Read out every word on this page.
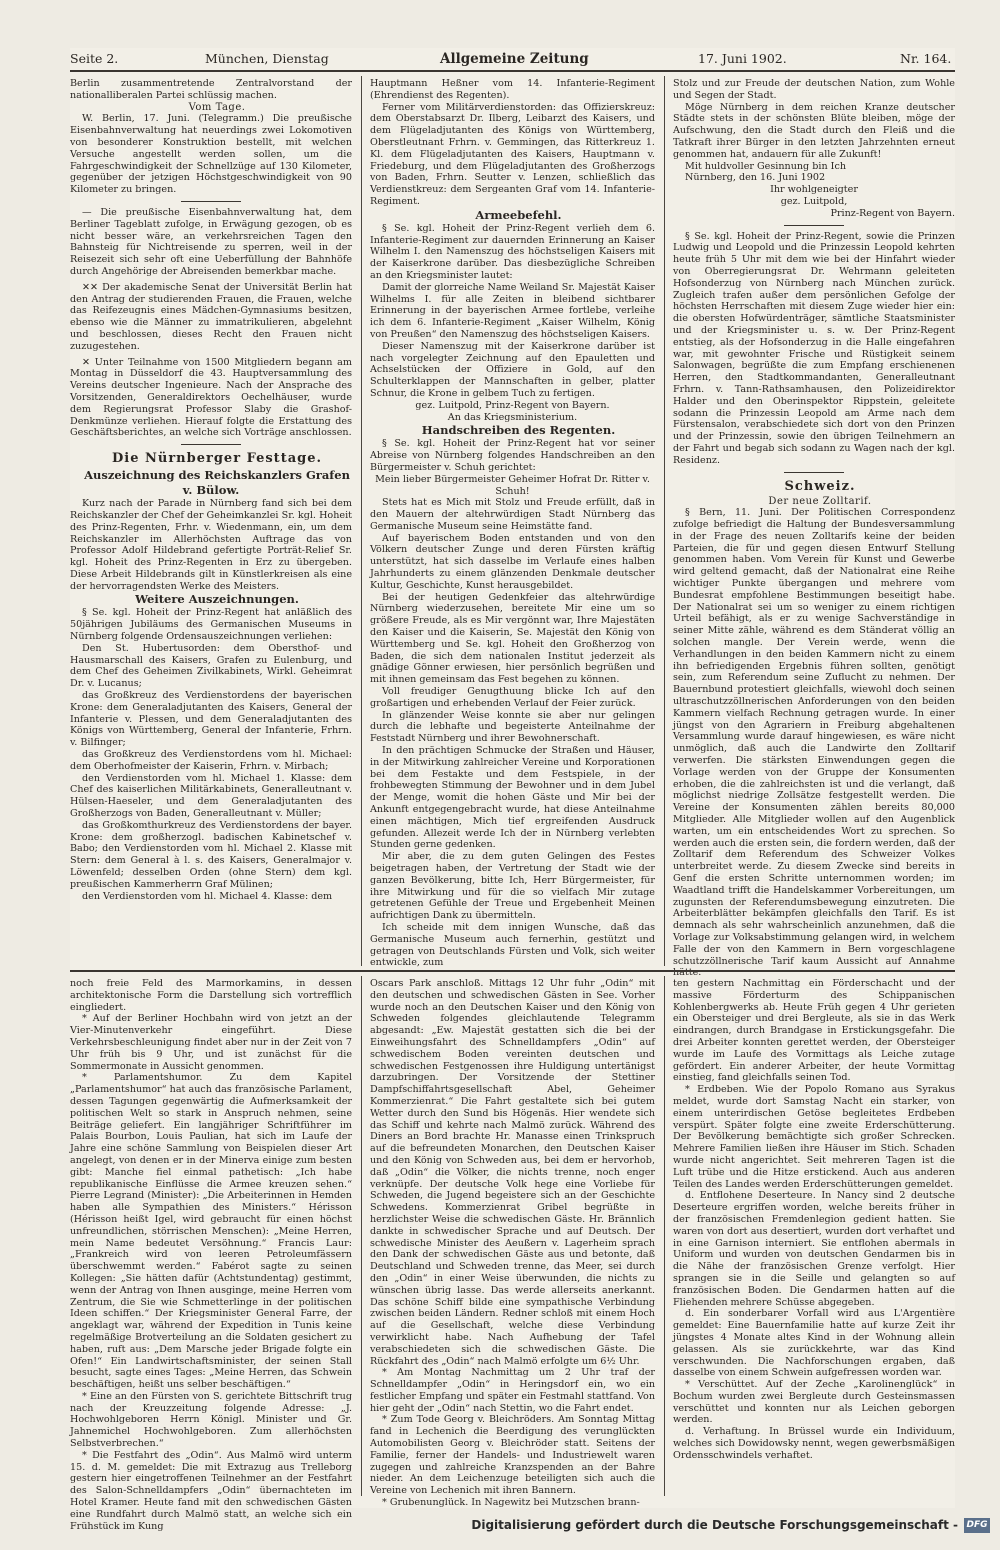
Seite 2.	München, Dienstag	Allgemeine Zeitung	17. Juni 1902.	Nr. 164.

Berlin zusammentretende Zentralvorstand der nationalliberalen Partei schlüssig machen.

Vom Tage.

W. Berlin, 17. Juni. (Telegramm.) Die preußische Eisenbahnverwaltung hat neuerdings zwei Lokomotiven von besonderer Konstruktion bestellt, mit welchen Versuche angestellt werden sollen, um die Fahrgeschwindigkeit der Schnellzüge auf 130 Kilometer, gegenüber der jetzigen Höchstgeschwindigkeit von 90 Kilometer zu bringen.

— Die preußische Eisenbahnverwaltung hat, dem Berliner Tageblatt zufolge, in Erwägung gezogen, ob es nicht besser wäre, an verkehrsreichen Tagen den Bahnsteig für Nichtreisende zu sperren, weil in der Reisezeit sich sehr oft eine Ueberfüllung der Bahnhöfe durch Angehörige der Abreisenden bemerkbar mache.

✕✕ Der akademische Senat der Universität Berlin hat den Antrag der studierenden Frauen, die Frauen, welche das Reifezeugnis eines Mädchen-Gymnasiums besitzen, ebenso wie die Männer zu immatrikulieren, abgelehnt und beschlossen, dieses Recht den Frauen nicht zuzugestehen.

✕ Unter Teilnahme von 1500 Mitgliedern begann am Montag in Düsseldorf die 43. Hauptversammlung des Vereins deutscher Ingenieure. Nach der Ansprache des Vorsitzenden, Generaldirektors Oechelhäuser, wurde dem Regierungsrat Professor Slaby die Grashof-Denkmünze verliehen. Hierauf folgte die Erstattung des Geschäftsberichtes, an welche sich Vorträge anschlossen.

Die Nürnberger Festtage.

Auszeichnung des Reichskanzlers Grafen v. Bülow.

Kurz nach der Parade in Nürnberg fand sich bei dem Reichskanzler der Chef der Geheimkanzlei Sr. kgl. Hoheit des Prinz-Regenten, Frhr. v. Wiedenmann, ein, um dem Reichskanzler im Allerhöchsten Auftrage das von Professor Adolf Hildebrand gefertigte Porträt-Relief Sr. kgl. Hoheit des Prinz-Regenten in Erz zu übergeben. Diese Arbeit Hildebrands gilt in Künstlerkreisen als eine der hervorragendsten Werke des Meisters.

Weitere Auszeichnungen.

§ Se. kgl. Hoheit der Prinz-Regent hat anläßlich des 50jährigen Jubiläums des Germanischen Museums in Nürnberg folgende Ordensauszeichnungen verliehen:

Den St. Hubertusorden: dem Obersthof- und Hausmarschall des Kaisers, Grafen zu Eulenburg, und dem Chef des Geheimen Zivilkabinets, Wirkl. Geheimrat Dr. v. Lucanus;

das Großkreuz des Verdienstordens der bayerischen Krone: dem Generaladjutanten des Kaisers, General der Infanterie v. Plessen, und dem Generaladjutanten des Königs von Württemberg, General der Infanterie, Frhrn. v. Bilfinger;

das Großkreuz des Verdienstordens vom hl. Michael: dem Oberhofmeister der Kaiserin, Frhrn. v. Mirbach;

den Verdienstorden vom hl. Michael 1. Klasse: dem Chef des kaiserlichen Militärkabinets, Generalleutnant v. Hülsen-Haeseler, und dem Generaladjutanten des Großherzogs von Baden, Generalleutnant v. Müller;

das Großkomthurkreuz des Verdienstordens der bayer. Krone: dem großherzogl. badischen Kabinetschef v. Babo; den Verdienstorden vom hl. Michael 2. Klasse mit Stern: dem General à l. s. des Kaisers, Generalmajor v. Löwenfeld; desselben Orden (ohne Stern) dem kgl. preußischen Kammerherrn Graf Mülinen;

den Verdienstorden vom hl. Michael 4. Klasse: dem

Hauptmann Heßner vom 14. Infanterie-Regiment (Ehrendienst des Regenten).

Ferner vom Militärverdienstorden: das Offizierskreuz: dem Oberstabsarzt Dr. Ilberg, Leibarzt des Kaisers, und dem Flügeladjutanten des Königs von Württemberg, Oberstleutnant Frhrn. v. Gemmingen, das Ritterkreuz 1. Kl. dem Flügeladjutanten des Kaisers, Hauptmann v. Friedeburg, und dem Flügeladjutanten des Großherzogs von Baden, Frhrn. Seutter v. Lenzen, schließlich das Verdienstkreuz: dem Sergeanten Graf vom 14. Infanterie-Regiment.

Armeebefehl.

§ Se. kgl. Hoheit der Prinz-Regent verlieh dem 6. Infanterie-Regiment zur dauernden Erinnerung an Kaiser Wilhelm I. den Namenszug des höchstseligen Kaisers mit der Kaiserkrone darüber. Das diesbezügliche Schreiben an den Kriegsminister lautet:

Damit der glorreiche Name Weiland Sr. Majestät Kaiser Wilhelms I. für alle Zeiten in bleibend sichtbarer Erinnerung in der bayerischen Armee fortlebe, verleihe ich dem 6. Infanterie-Regiment „Kaiser Wilhelm, König von Preußen“ den Namenszug des höchstseligen Kaisers.

Dieser Namenszug mit der Kaiserkrone darüber ist nach vorgelegter Zeichnung auf den Epauletten und Achselstücken der Offiziere in Gold, auf den Schulterklappen der Mannschaften in gelber, platter Schnur, die Krone in gelbem Tuch zu fertigen.

gez. Luitpold, Prinz-Regent von Bayern.

An das Kriegsministerium.

Handschreiben des Regenten.

§ Se. kgl. Hoheit der Prinz-Regent hat vor seiner Abreise von Nürnberg folgendes Handschreiben an den Bürgermeister v. Schuh gerichtet:

Mein lieber Bürgermeister Geheimer Hofrat Dr. Ritter v. Schuh!

Stets hat es Mich mit Stolz und Freude erfüllt, daß in den Mauern der altehrwürdigen Stadt Nürnberg das Germanische Museum seine Heimstätte fand.

Auf bayerischem Boden entstanden und von den Völkern deutscher Zunge und deren Fürsten kräftig unterstützt, hat sich dasselbe im Verlaufe eines halben Jahrhunderts zu einem glänzenden Denkmale deutscher Kultur, Geschichte, Kunst herausgebildet.

Bei der heutigen Gedenkfeier das altehrwürdige Nürnberg wiederzusehen, bereitete Mir eine um so größere Freude, als es Mir vergönnt war, Ihre Majestäten den Kaiser und die Kaiserin, Se. Majestät den König von Württemberg und Se. kgl. Hoheit den Großherzog von Baden, die sich dem nationalen Institut jederzeit als gnädige Gönner erwiesen, hier persönlich begrüßen und mit ihnen gemeinsam das Fest begehen zu können.

Voll freudiger Genugthuung blicke Ich auf den großartigen und erhebenden Verlauf der Feier zurück.

In glänzender Weise konnte sie aber nur gelingen durch die lebhafte und begeisterte Anteilnahme der Feststadt Nürnberg und ihrer Bewohnerschaft.

In den prächtigen Schmucke der Straßen und Häuser, in der Mitwirkung zahlreicher Vereine und Korporationen bei dem Festakte und dem Festspiele, in der frohbewegten Stimmung der Bewohner und in dem Jubel der Menge, womit die hohen Gäste und Mir bei der Ankunft entgegengebracht wurde, hat diese Anteilnahme einen mächtigen, Mich tief ergreifenden Ausdruck gefunden. Allezeit werde Ich der in Nürnberg verlebten Stunden gerne gedenken.

Mir aber, die zu dem guten Gelingen des Festes beigetragen haben, der Vertretung der Stadt wie der ganzen Bevölkerung, bitte Ich, Herr Bürgermeister, für ihre Mitwirkung und für die so vielfach Mir zutage getretenen Gefühle der Treue und Ergebenheit Meinen aufrichtigen Dank zu übermitteln.

Ich scheide mit dem innigen Wunsche, daß das Germanische Museum auch fernerhin, gestützt und getragen von Deutschlands Fürsten und Volk, sich weiter entwickle, zum

Stolz und zur Freude der deutschen Nation, zum Wohle und Segen der Stadt.

Möge Nürnberg in dem reichen Kranze deutscher Städte stets in der schönsten Blüte bleiben, möge der Aufschwung, den die Stadt durch den Fleiß und die Tatkraft ihrer Bürger in den letzten Jahrzehnten erneut genommen hat, andauern für alle Zukunft!

Mit huldvoller Gesinnung bin Ich

Nürnberg, den 16. Juni 1902

Ihr wohlgeneigter

gez. Luitpold,

Prinz-Regent von Bayern.

§ Se. kgl. Hoheit der Prinz-Regent, sowie die Prinzen Ludwig und Leopold und die Prinzessin Leopold kehrten heute früh 5 Uhr mit dem wie bei der Hinfahrt wieder von Oberregierungsrat Dr. Wehrmann geleiteten Hofsonderzug von Nürnberg nach München zurück. Zugleich trafen außer dem persönlichen Gefolge der höchsten Herrschaften mit diesem Zuge wieder hier ein: die obersten Hofwürdenträger, sämtliche Staatsminister und der Kriegsminister u. s. w. Der Prinz-Regent entstieg, als der Hofsonderzug in die Halle eingefahren war, mit gewohnter Frische und Rüstigkeit seinem Salonwagen, begrüßte die zum Empfang erschienenen Herren, den Stadtkommandanten, Generalleutnant Frhrn. v. Tann-Rathsamhausen, den Polizeidirektor Halder und den Oberinspektor Rippstein, geleitete sodann die Prinzessin Leopold am Arme nach dem Fürstensalon, verabschiedete sich dort von den Prinzen und der Prinzessin, sowie den übrigen Teilnehmern an der Fahrt und begab sich sodann zu Wagen nach der kgl. Residenz.

Schweiz.

Der neue Zolltarif.

§ Bern, 11. Juni. Der Politischen Correspondenz zufolge befriedigt die Haltung der Bundesversammlung in der Frage des neuen Zolltarifs keine der beiden Parteien, die für und gegen diesen Entwurf Stellung genommen haben. Vom Verein für Kunst und Gewerbe wird geltend gemacht, daß der Nationalrat eine Reihe wichtiger Punkte übergangen und mehrere vom Bundesrat empfohlene Bestimmungen beseitigt habe. Der Nationalrat sei um so weniger zu einem richtigen Urteil befähigt, als er zu wenige Sachverständige in seiner Mitte zähle, während es dem Ständerat völlig an solchen mangle. Der Verein werde, wenn die Verhandlungen in den beiden Kammern nicht zu einem ihn befriedigenden Ergebnis führen sollten, genötigt sein, zum Referendum seine Zuflucht zu nehmen. Der Bauernbund protestiert gleichfalls, wiewohl doch seinen ultraschutzzöllnerischen Anforderungen von den beiden Kammern vielfach Rechnung getragen wurde. In einer jüngst von den Agrariern in Freiburg abgehaltenen Versammlung wurde darauf hingewiesen, es wäre nicht unmöglich, daß auch die Landwirte den Zolltarif verwerfen. Die stärksten Einwendungen gegen die Vorlage werden von der Gruppe der Konsumenten erhoben, die die zahlreichsten ist und die verlangt, daß möglichst niedrige Zollsätze festgestellt werden. Die Vereine der Konsumenten zählen bereits 80,000 Mitglieder. Alle Mitglieder wollen auf den Augenblick warten, um ein entscheidendes Wort zu sprechen. So werden auch die ersten sein, die fordern werden, daß der Zolltarif dem Referendum des Schweizer Volkes unterbreitet werde. Zu diesem Zwecke sind bereits in Genf die ersten Schritte unternommen worden; im Waadtland trifft die Handelskammer Vorbereitungen, um zugunsten der Referendumsbewegung einzutreten. Die Arbeiterblätter bekämpfen gleichfalls den Tarif. Es ist demnach als sehr wahrscheinlich anzunehmen, daß die Vorlage zur Volksabstimmung gelangen wird, in welchem Falle der von den Kammern in Bern vorgeschlagene schutzzöllnerische Tarif kaum Aussicht auf Annahme hätte.

noch freie Feld des Marmorkamins, in dessen architektonische Form die Darstellung sich vortrefflich eingliedert.

* Auf der Berliner Hochbahn wird von jetzt an der Vier-Minutenverkehr eingeführt. Diese Verkehrsbeschleunigung findet aber nur in der Zeit von 7 Uhr früh bis 9 Uhr, und ist zunächst für die Sommermonate in Aussicht genommen.

* Parlamentshumor. Zu dem Kapitel „Parlamentshumor“ hat auch das französische Parlament, dessen Tagungen gegenwärtig die Aufmerksamkeit der politischen Welt so stark in Anspruch nehmen, seine Beiträge geliefert. Ein langjähriger Schriftführer im Palais Bourbon, Louis Paulian, hat sich im Laufe der Jahre eine schöne Sammlung von Beispielen dieser Art angelegt, von denen er in der Minerva einige zum besten gibt: Manche fiel einmal pathetisch: „Ich habe republikanische Einflüsse die Armee kreuzen sehen.“ Pierre Legrand (Minister): „Die Arbeiterinnen in Hemden haben alle Sympathien des Ministers.“ Hérisson (Hérisson heißt Igel, wird gebraucht für einen höchst unfreundlichen, störrischen Menschen): „Meine Herren, mein Name bedeutet Versöhnung.“ Francis Laur: „Frankreich wird von leeren Petroleumfässern überschwemmt werden.“ Fabérot sagte zu seinen Kollegen: „Sie hätten dafür (Achtstundentag) gestimmt, wenn der Antrag von Ihnen ausginge, meine Herren vom Zentrum, die Sie wie Schmetterlinge in der politischen Ideen schiffen.“ Der Kriegsminister General Farre, der angeklagt war, während der Expedition in Tunis keine regelmäßige Brotverteilung an die Soldaten gesichert zu haben, ruft aus: „Dem Marsche jeder Brigade folgte ein Ofen!“ Ein Landwirtschaftsminister, der seinen Stall besucht, sagte eines Tages: „Meine Herren, das Schwein beschäftigen, heißt uns selber beschäftigen.“

* Eine an den Fürsten von S. gerichtete Bittschrift trug nach der Kreuzzeitung folgende Adresse: „J. Hochwohlgeboren Herrn Königl. Minister und Gr. Jahnemichel Hochwohlgeboren. Zum allerhöchsten Selbstverbrechen.“

* Die Festfahrt des „Odin“. Aus Malmö wird unterm 15. d. M. gemeldet: Die mit Extrazug aus Trelleborg gestern hier eingetroffenen Teilnehmer an der Festfahrt des Salon-Schnelldampfers „Odin“ übernachteten im Hotel Kramer. Heute fand mit den schwedischen Gästen eine Rundfahrt durch Malmö statt, an welche sich ein Frühstück im Kung

Oscars Park anschloß. Mittags 12 Uhr fuhr „Odin“ mit den deutschen und schwedischen Gästen in See. Vorher wurde noch an den Deutschen Kaiser und den König von Schweden folgendes gleichlautende Telegramm abgesandt: „Ew. Majestät gestatten sich die bei der Einweihungsfahrt des Schnelldampfers „Odin“ auf schwedischem Boden vereinten deutschen und schwedischen Festgenossen ihre Huldigung untertänigst darzubringen. Der Vorsitzende der Stettiner Dampfschiffahrtsgesellschaft Abel, Geheimer Kommerzienrat.“ Die Fahrt gestaltete sich bei gutem Wetter durch den Sund bis Högenäs. Hier wendete sich das Schiff und kehrte nach Malmö zurück. Während des Diners an Bord brachte Hr. Manasse einen Trinkspruch auf die befreundeten Monarchen, den Deutschen Kaiser und den König von Schweden aus, bei dem er hervorhob, daß „Odin“ die Völker, die nichts trenne, noch enger verknüpfe. Der deutsche Volk hege eine Vorliebe für Schweden, die Jugend begeistere sich an der Geschichte Schwedens. Kommerzienrat Gribel begrüßte in herzlichster Weise die schwedischen Gäste. Hr. Brännlich dankte in schwedischer Sprache und auf Deutsch. Der schwedische Minister des Aeußern v. Lagerheim sprach den Dank der schwedischen Gäste aus und betonte, daß Deutschland und Schweden trenne, das Meer, sei durch den „Odin“ in einer Weise überwunden, die nichts zu wünschen übrig lasse. Das werde allerseits anerkannt. Das schöne Schiff bilde eine sympathische Verbindung zwischen beiden Ländern. Redner schloß mit einem Hoch auf die Gesellschaft, welche diese Verbindung verwirklicht habe. Nach Aufhebung der Tafel verabschiedeten sich die schwedischen Gäste. Die Rückfahrt des „Odin“ nach Malmö erfolgte um 6½ Uhr.

* Am Montag Nachmittag um 2 Uhr traf der Schnelldampfer „Odin“ in Heringsdorf ein, wo ein festlicher Empfang und später ein Festmahl stattfand. Von hier geht der „Odin“ nach Stettin, wo die Fahrt endet.

* Zum Tode Georg v. Bleichröders. Am Sonntag Mittag fand in Lechenich die Beerdigung des verunglückten Automobilisten Georg v. Bleichröder statt. Seitens der Familie, ferner der Handels- und Industriewelt waren zugegen und zahlreiche Kranzspenden an der Bahre nieder. An dem Leichenzuge beteiligten sich auch die Vereine von Lechenich mit ihren Bannern.

* Grubenunglück. In Nagewitz bei Mutzschen brann-

ten gestern Nachmittag ein Förderschacht und der massive Förderturm des Schippanischen Kohlenbergwerks ab. Heute Früh gegen 4 Uhr gerieten ein Obersteiger und drei Bergleute, als sie in das Werk eindrangen, durch Brandgase in Erstickungsgefahr. Die drei Arbeiter konnten gerettet werden, der Obersteiger wurde im Laufe des Vormittags als Leiche zutage gefördert. Ein anderer Arbeiter, der heute Vormittag einstieg, fand gleichfalls seinen Tod.

* Erdbeben. Wie der Popolo Romano aus Syrakus meldet, wurde dort Samstag Nacht ein starker, von einem unterirdischen Getöse begleitetes Erdbeben verspürt. Später folgte eine zweite Erderschütterung. Der Bevölkerung bemächtigte sich großer Schrecken. Mehrere Familien ließen ihre Häuser im Stich. Schaden wurde nicht angerichtet. Seit mehreren Tagen ist die Luft trübe und die Hitze erstickend. Auch aus anderen Teilen des Landes werden Erderschütterungen gemeldet.

d. Entflohene Deserteure. In Nancy sind 2 deutsche Deserteure ergriffen worden, welche bereits früher in der französischen Fremdenlegion gedient hatten. Sie waren von dort aus desertiert, wurden dort verhaftet und in eine Garnison interniert. Sie entflohen abermals in Uniform und wurden von deutschen Gendarmen bis in die Nähe der französischen Grenze verfolgt. Hier sprangen sie in die Seille und gelangten so auf französischen Boden. Die Gendarmen hatten auf die Fliehenden mehrere Schüsse abgegeben.

d. Ein sonderbarer Vorfall wird aus L'Argentière gemeldet: Eine Bauernfamilie hatte auf kurze Zeit ihr jüngstes 4 Monate altes Kind in der Wohnung allein gelassen. Als sie zurückkehrte, war das Kind verschwunden. Die Nachforschungen ergaben, daß dasselbe von einem Schwein aufgefressen worden war.

* Verschüttet. Auf der Zeche „Karolinenglück“ in Bochum wurden zwei Bergleute durch Gesteinsmassen verschüttet und konnten nur als Leichen geborgen werden.

d. Verhaftung. In Brüssel wurde ein Individuum, welches sich Dowidowsky nennt, wegen gewerbsmäßigen Ordensschwindels verhaftet.

Digitalisierung gefördert durch die Deutsche Forschungsgemeinschaft - DFG
